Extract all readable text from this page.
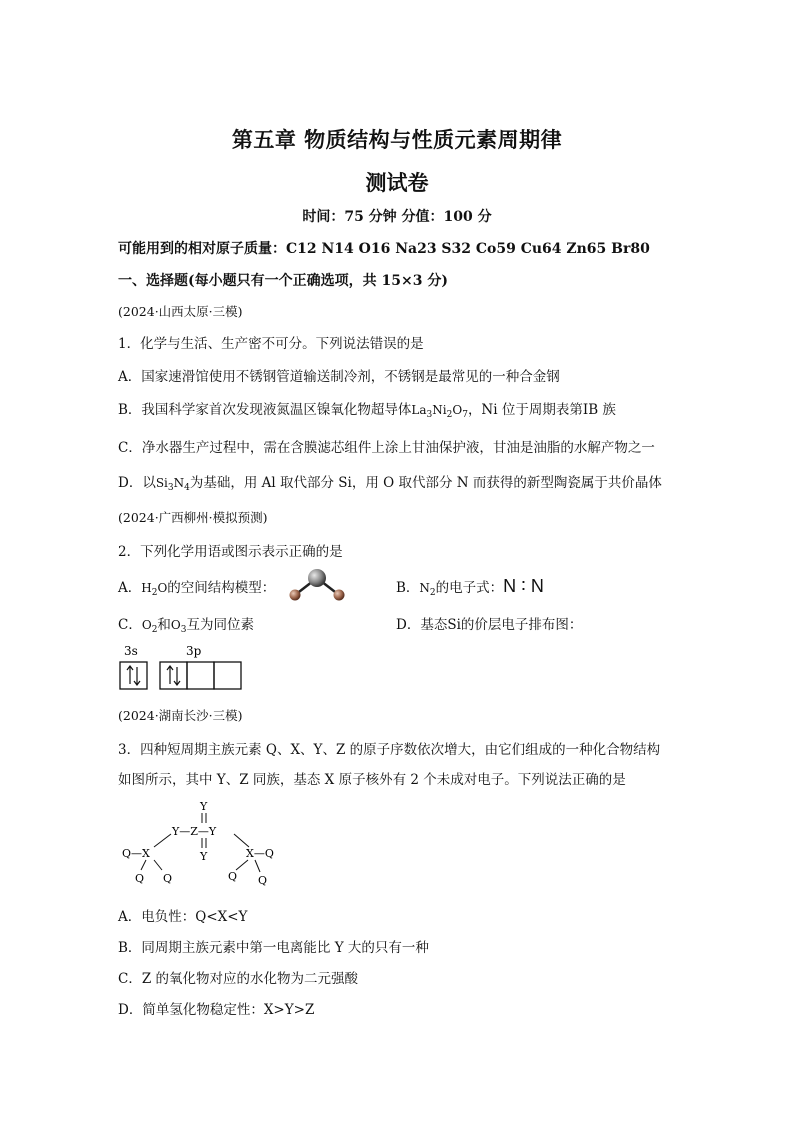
第五章 物质结构与性质元素周期律
测试卷
时间：75 分钟 分值：100 分
可能用到的相对原子质量：C12 N14 O16 Na23 S32 Co59 Cu64 Zn65 Br80
一、选择题(每小题只有一个正确选项，共 15×3 分)
(2024·山西太原·三模)
1．化学与生活、生产密不可分。下列说法错误的是
A．国家速滑馆使用不锈钢管道输送制冷剂，不锈钢是最常见的一种合金钢
B．我国科学家首次发现液氮温区镍氧化物超导体$La_3Ni_2O_7$，Ni 位于周期表第ⅠB 族
C．净水器生产过程中，需在含膜滤芯组件上涂上甘油保护液，甘油是油脂的水解产物之一
D．以$Si_3N_4$为基础，用 Al 取代部分 Si，用 O 取代部分 N 而获得的新型陶瓷属于共价晶体
(2024·广西柳州·模拟预测)
2．下列化学用语或图示表示正确的是
A．$H_2O$的空间结构模型：	B．$N_2$的电子式：N ∶ N
C．$O_2$和$O_3$互为同位素	D．基态Si的价层电子排布图：
3s	3p
(2024·湖南长沙·三模)
3．四种短周期主族元素 Q、X、Y、Z 的原子序数依次增大，由它们组成的一种化合物结构
如图所示，其中 Y、Z 同族，基态 X 原子核外有 2 个未成对电子。下列说法正确的是
Y
Y—Z—Y
Y
Q—X
Q Q
X—Q
Q Q
A．电负性：Q<X<Y
B．同周期主族元素中第一电离能比 Y 大的只有一种
C．Z 的氧化物对应的水化物为二元强酸
D．简单氢化物稳定性：X>Y>Z
